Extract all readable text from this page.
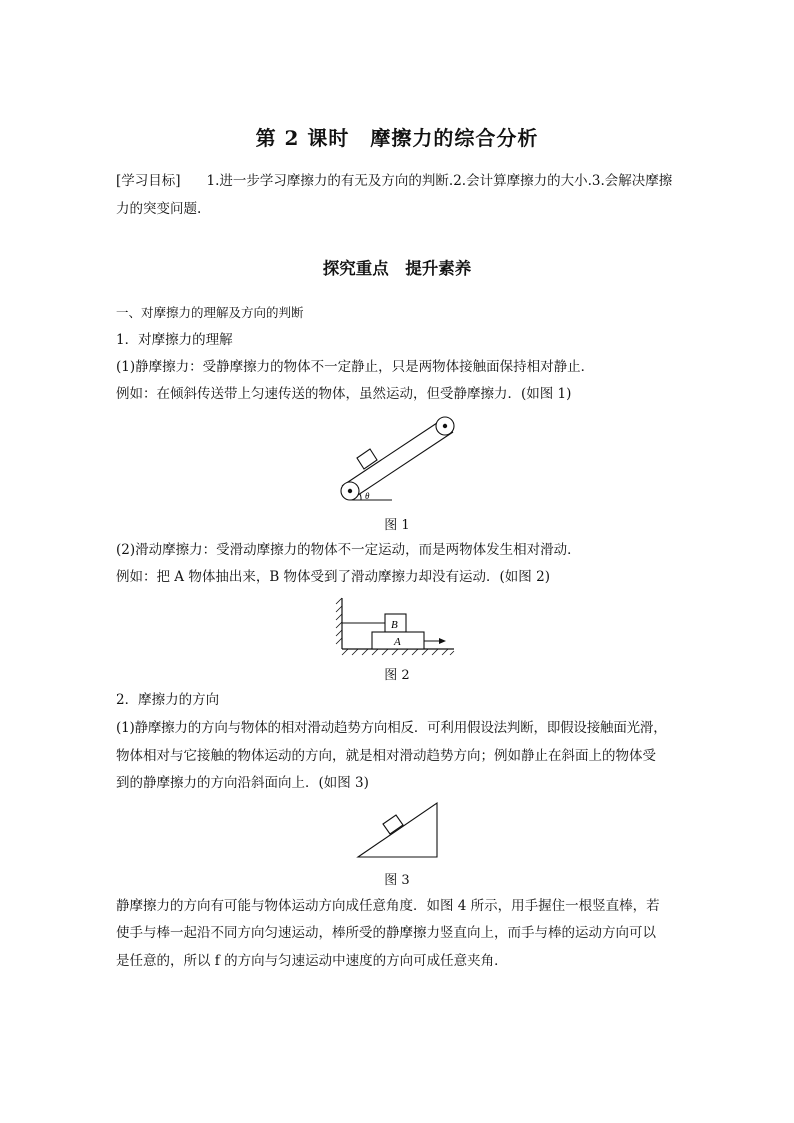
第 2 课时　摩擦力的综合分析
[学习目标] 1.进一步学习摩擦力的有无及方向的判断.2.会计算摩擦力的大小.3.会解决摩擦
力的突变问题.
探究重点　提升素养
一、对摩擦力的理解及方向的判断
1．对摩擦力的理解
(1)静摩擦力：受静摩擦力的物体不一定静止，只是两物体接触面保持相对静止．
例如：在倾斜传送带上匀速传送的物体，虽然运动，但受静摩擦力．(如图 1)
θ
图 1
(2)滑动摩擦力：受滑动摩擦力的物体不一定运动，而是两物体发生相对滑动．
例如：把 A 物体抽出来，B 物体受到了滑动摩擦力却没有运动．(如图 2)
B
A
图 2
2．摩擦力的方向
(1)静摩擦力的方向与物体的相对滑动趋势方向相反．可利用假设法判断，即假设接触面光滑，
物体相对与它接触的物体运动的方向，就是相对滑动趋势方向；例如静止在斜面上的物体受
到的静摩擦力的方向沿斜面向上．(如图 3)
图 3
静摩擦力的方向有可能与物体运动方向成任意角度．如图 4 所示，用手握住一根竖直棒，若
使手与棒一起沿不同方向匀速运动，棒所受的静摩擦力竖直向上，而手与棒的运动方向可以
是任意的，所以 f 的方向与匀速运动中速度的方向可成任意夹角．
